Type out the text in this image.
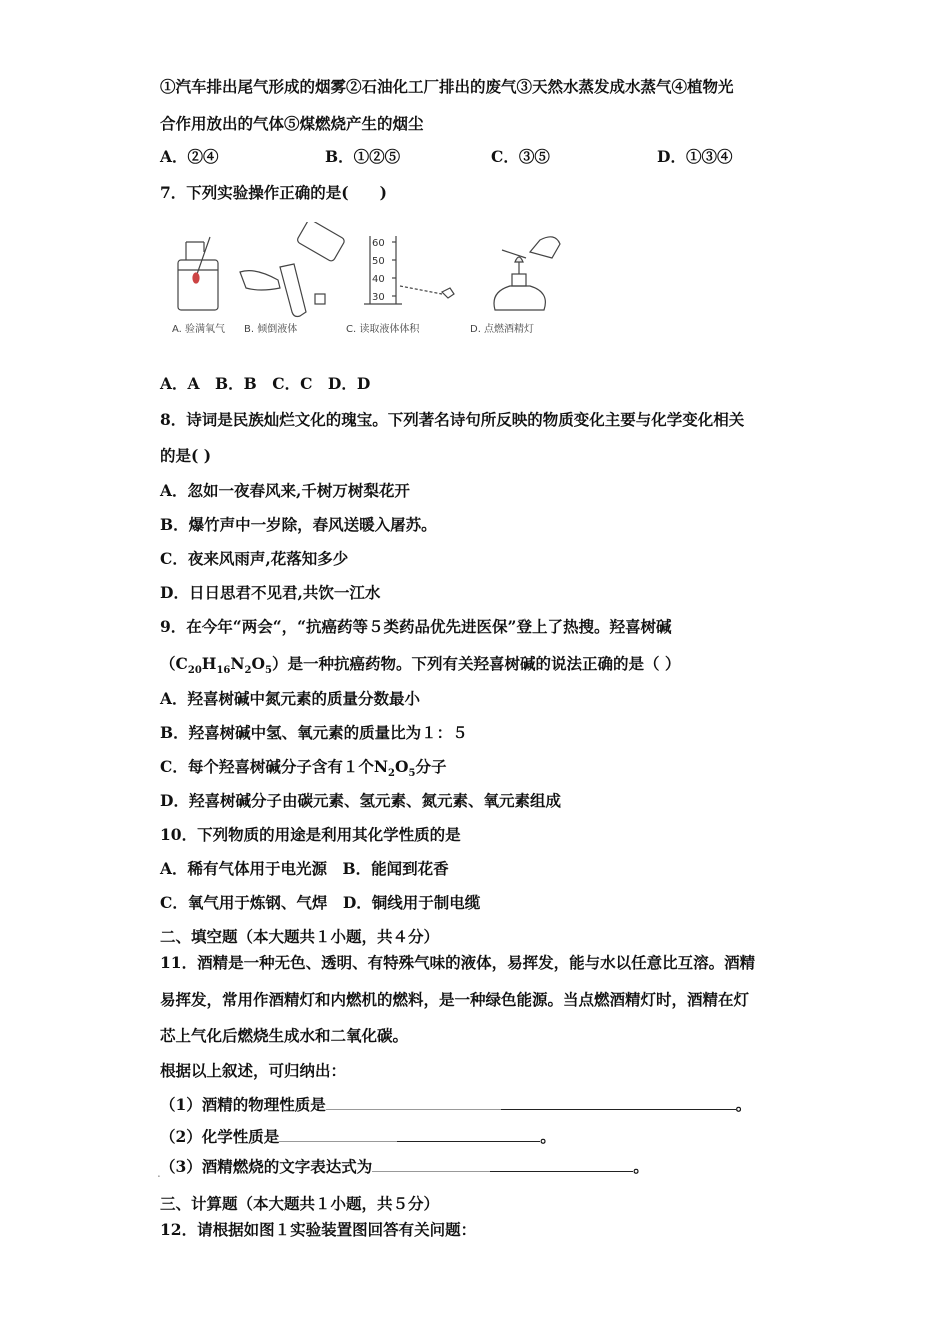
①汽车排出尾气形成的烟雾②石油化工厂排出的废气③天然水蒸发成水蒸气④植物光
合作用放出的气体⑤煤燃烧产生的烟尘
A．②④	B．①②⑤	C．③⑤	D．①③④
7．下列实验操作正确的是(　　)
60
50
40
30
A. 验满氧气 B. 倾倒液体	C. 读取液体体积	D. 点燃酒精灯
A．A　B．B　C．C　D．D
8．诗词是民族灿烂文化的瑰宝。下列著名诗句所反映的物质变化主要与化学变化相关
的是( )
A．忽如一夜春风来,千树万树梨花开
B．爆竹声中一岁除，春风送暖入屠苏。
C．夜来风雨声,花落知多少
D．日日思君不见君,共饮一江水
9．在今年“两会“，“抗癌药等５类药品优先进医保”登上了热搜。羟喜树碱
$(C_{20}H_{16}N_2O_5)$是一种抗癌药物。下列有关羟喜树碱的说法正确的是（ ）
A．羟喜树碱中氮元素的质量分数最小
B．羟喜树碱中氢、氧元素的质量比为１：５
C．每个羟喜树碱分子含有１个$N_2O_5$分子
D．羟喜树碱分子由碳元素、氢元素、氮元素、氧元素组成
10．下列物质的用途是利用其化学性质的是
A．稀有气体用于电光源　B．能闻到花香
C．氧气用于炼钢、气焊　D．铜线用于制电缆
二、填空题（本大题共１小题，共４分）
11．酒精是一种无色、透明、有特殊气味的液体，易挥发，能与水以任意比互溶。酒精
易挥发，常用作酒精灯和内燃机的燃料，是一种绿色能源。当点燃酒精灯时，酒精在灯
芯上气化后燃烧生成水和二氧化碳。
根据以上叙述，可归纳出：
（1）酒精的物理性质是	。
（2）化学性质是	。
. （3）酒精燃烧的文字表达式为	。
三、计算题（本大题共１小题，共５分）
12．请根据如图１实验装置图回答有关问题：
